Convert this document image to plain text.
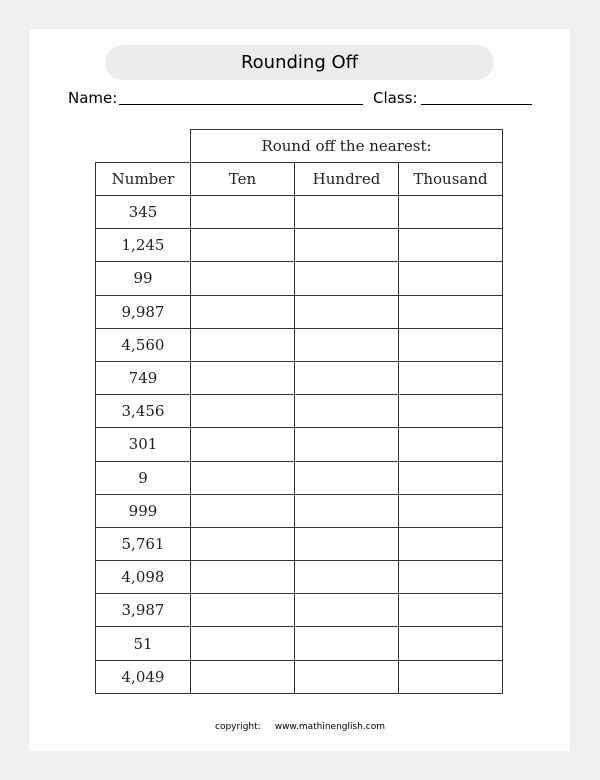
Rounding Off
Name:	Class:
	Round off the nearest:		
Number	Ten	Hundred	Thousand
345			
1,245			
99			
9,987			
4,560			
749			
3,456			
301			
9			
999			
5,761			
4,098			
3,987			
51			
4,049			
copyright: www.mathinenglish.com
